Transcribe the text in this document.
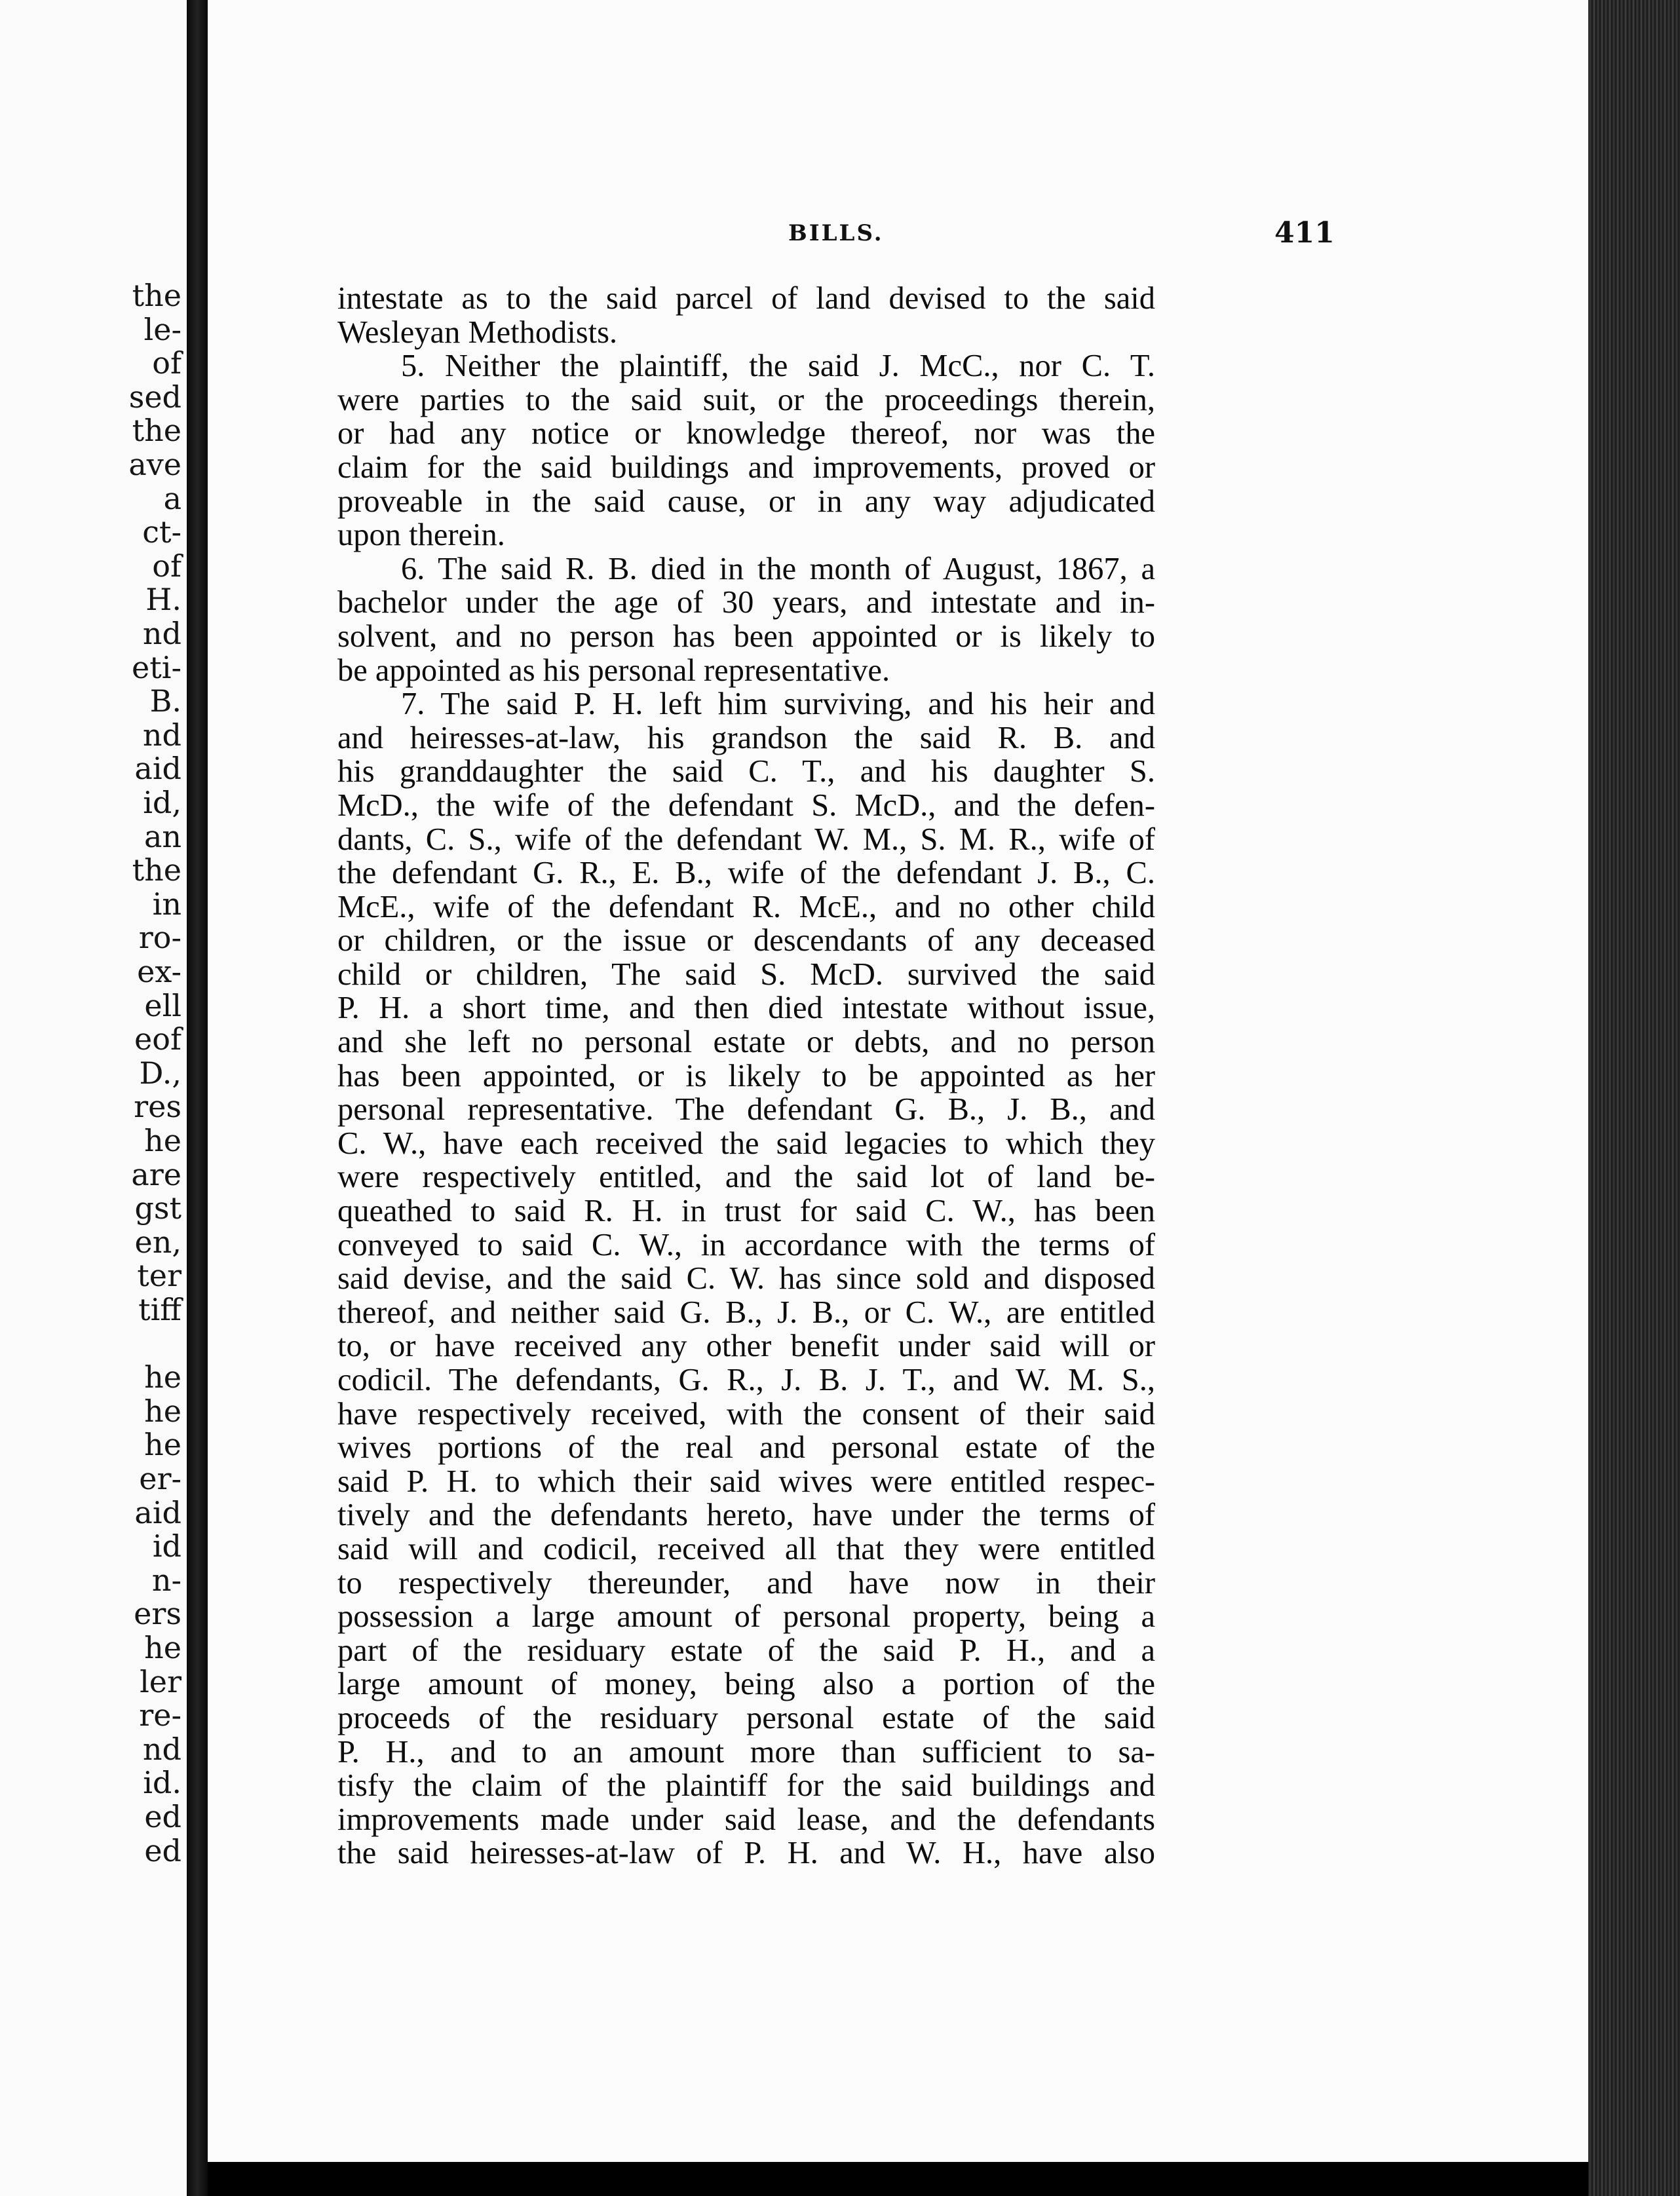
the
le-
of
sed
the
ave
a
ct-
of
H.
nd
eti-
B.
nd
aid
id,
an
the
in
ro-
ex-
ell
eof
D.,
res
he
are
gst
en,
ter
tiff
he
he
he
er-
aid
id
n-
ers
he
ler
re-
nd
id.
ed
ed
BILLS.	411
intestate as to the said parcel of land devised to the said
Wesleyan Methodists.
  5. Neither the plaintiff, the said J. McC., nor C. T.
were parties to the said suit, or the proceedings therein,
or had any notice or knowledge thereof, nor was the
claim for the said buildings and improvements, proved or
proveable in the said cause, or in any way adjudicated
upon therein.
  6. The said R. B. died in the month of August, 1867, a
bachelor under the age of 30 years, and intestate and in-
solvent, and no person has been appointed or is likely to
be appointed as his personal representative.
  7. The said P. H. left him surviving, and his heir and
and heiresses-at-law, his grandson the said R. B. and
his granddaughter the said C. T., and his daughter S.
McD., the wife of the defendant S. McD., and the defen-
dants, C. S., wife of the defendant W. M., S. M. R., wife of
the defendant G. R., E. B., wife of the defendant J. B., C.
McE., wife of the defendant R. McE., and no other child
or children, or the issue or descendants of any deceased
child or children, The said S. McD. survived the said
P. H. a short time, and then died intestate without issue,
and she left no personal estate or debts, and no person
has been appointed, or is likely to be appointed as her
personal representative. The defendant G. B., J. B., and
C. W., have each received the said legacies to which they
were respectively entitled, and the said lot of land be-
queathed to said R. H. in trust for said C. W., has been
conveyed to said C. W., in accordance with the terms of
said devise, and the said C. W. has since sold and disposed
thereof, and neither said G. B., J. B., or C. W., are entitled
to, or have received any other benefit under said will or
codicil. The defendants, G. R., J. B. J. T., and W. M. S.,
have respectively received, with the consent of their said
wives portions of the real and personal estate of the
said P. H. to which their said wives were entitled respec-
tively and the defendants hereto, have under the terms of
said will and codicil, received all that they were entitled
to respectively thereunder, and have now in their
possession a large amount of personal property, being a
part of the residuary estate of the said P. H., and a
large amount of money, being also a portion of the
proceeds of the residuary personal estate of the said
P. H., and to an amount more than sufficient to sa-
tisfy the claim of the plaintiff for the said buildings and
improvements made under said lease, and the defendants
the said heiresses-at-law of P. H. and W. H., have also
